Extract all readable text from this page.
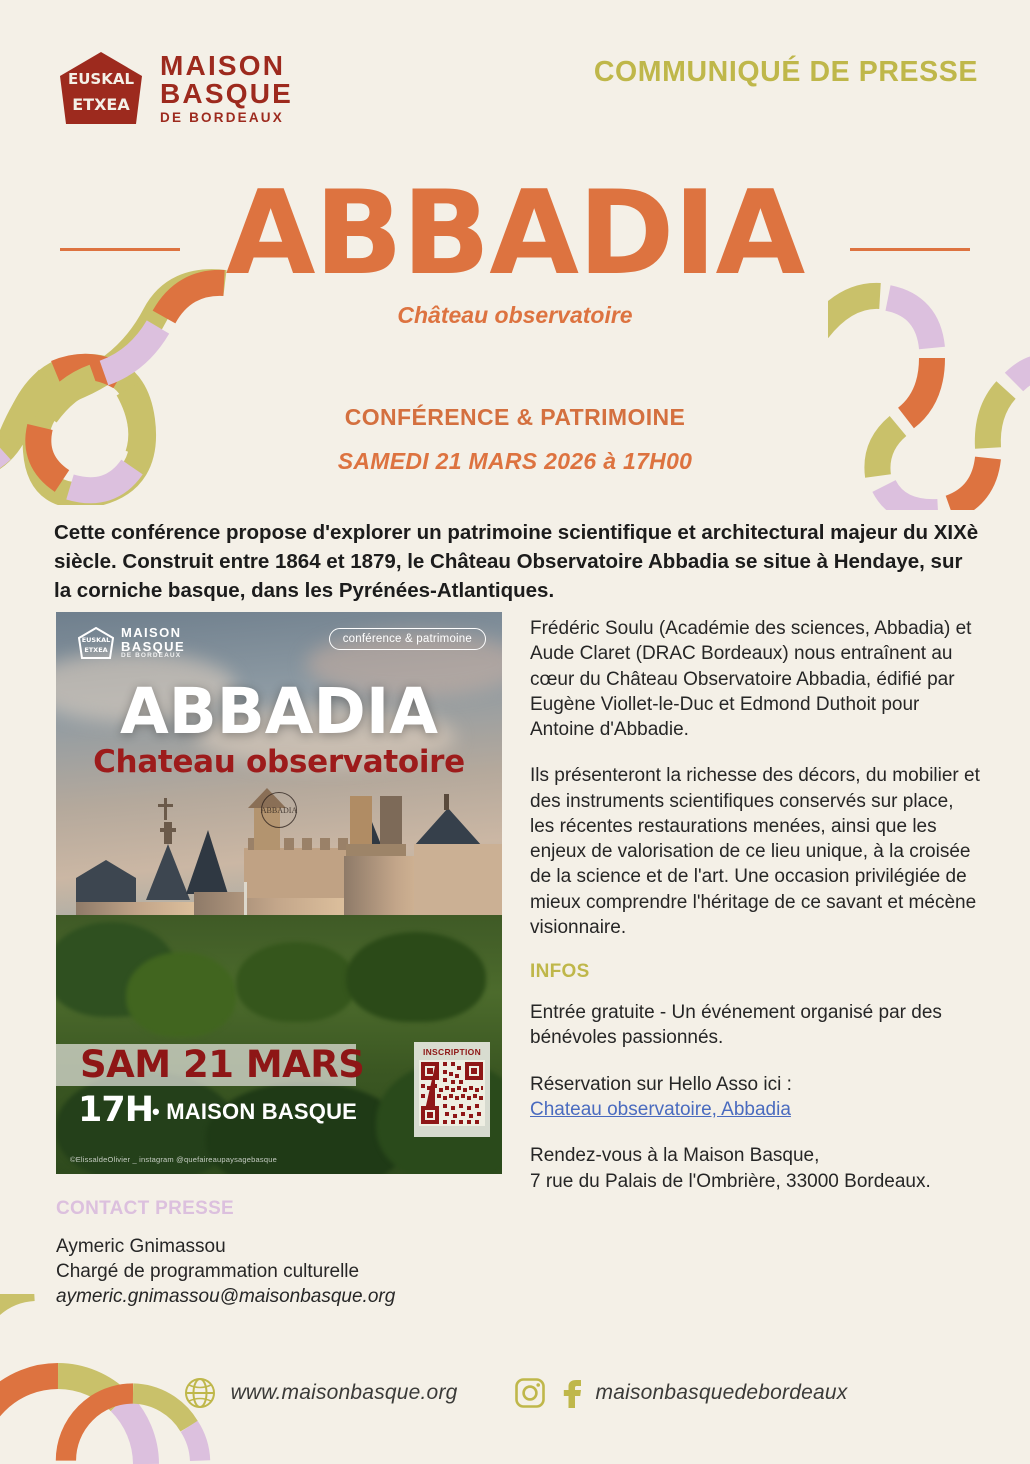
EUSKAL
ETXEA
MAISON
BASQUE
DE BORDEAUX
COMMUNIQUÉ DE PRESSE
ABBADIA
Château observatoire
CONFÉRENCE & PATRIMOINE
SAMEDI 21 MARS 2026 à 17H00
Cette conférence propose d'explorer un patrimoine scientifique et architectural majeur du XIXè siècle. Construit entre 1864 et 1879, le Château Observatoire Abbadia se situe à Hendaye, sur la corniche basque, dans les Pyrénées-Atlantiques.
EUSKAL
ETXEA
MAISON
BASQUE
DE BORDEAUX
conférence & patrimoine
ABBADIA
Chateau observatoire
ABBADIA
SAM 21 MARS
17H • MAISON BASQUE
INSCRIPTION
©ElissaldeOlivier _ instagram @quefaireaupaysagebasque

Frédéric Soulu (Académie des sciences, Abbadia) et Aude Claret (DRAC Bordeaux) nous entraînent au cœur du Château Observatoire Abbadia, édifié par Eugène Viollet-le-Duc et Edmond Duthoit pour Antoine d'Abbadie.

Ils présenteront la richesse des décors, du mobilier et des instruments scientifiques conservés sur place, les récentes restaurations menées, ainsi que les enjeux de valorisation de ce lieu unique, à la croisée de la science et de l'art. Une occasion privilégiée de mieux comprendre l'héritage de ce savant et mécène visionnaire.

INFOS

Entrée gratuite - Un événement organisé par des bénévoles passionnés.

Réservation sur Hello Asso ici :
Chateau observatoire, Abbadia

Rendez-vous à la Maison Basque,
7 rue du Palais de l'Ombrière, 33000 Bordeaux.

CONTACT PRESSE
Aymeric Gnimassou
Chargé de programmation culturelle
aymeric.gnimassou@maisonbasque.org
www.maisonbasque.org	maisonbasquedebordeaux
